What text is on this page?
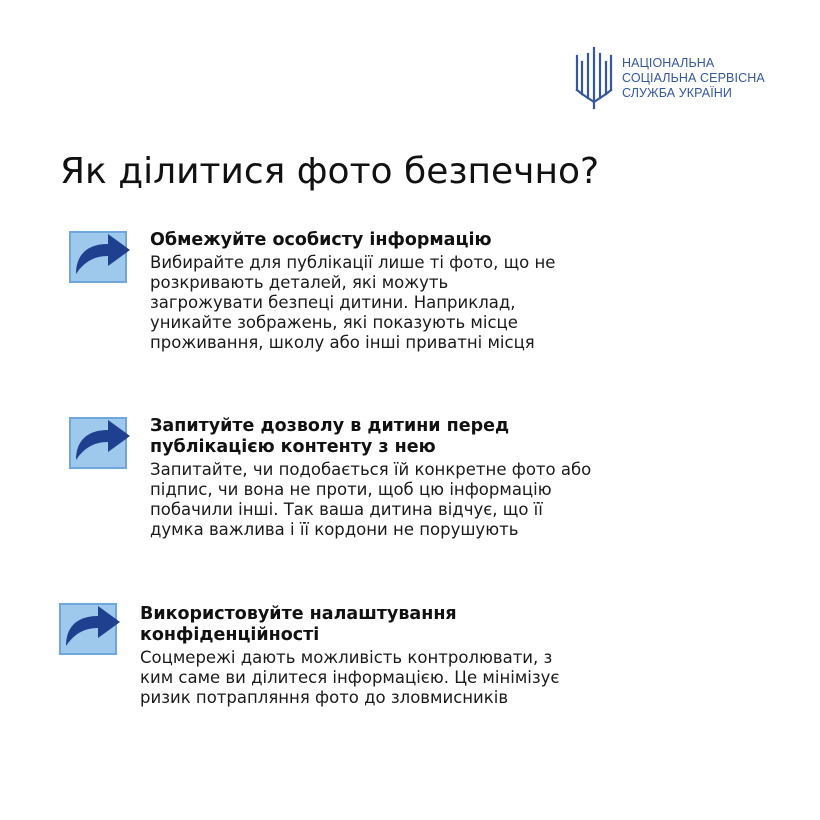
НАЦІОНАЛЬНА
СОЦІАЛЬНА СЕРВІСНА
СЛУЖБА УКРАЇНИ
Як ділитися фото безпечно?
Обмежуйте особисту інформацію
Вибирайте для публікації лише ті фото, що не
розкривають деталей, які можуть
загрожувати безпеці дитини. Наприклад,
уникайте зображень, які показують місце
проживання, школу або інші приватні місця
Запитуйте дозволу в дитини перед
публікацією контенту з нею
Запитайте, чи подобається їй конкретне фото або
підпис, чи вона не проти, щоб цю інформацію
побачили інші. Так ваша дитина відчує, що її
думка важлива і її кордони не порушують
Використовуйте налаштування
конфіденційності
Соцмережі дають можливість контролювати, з
ким саме ви ділитеся інформацією. Це мінімізує
ризик потрапляння фото до зловмисників
